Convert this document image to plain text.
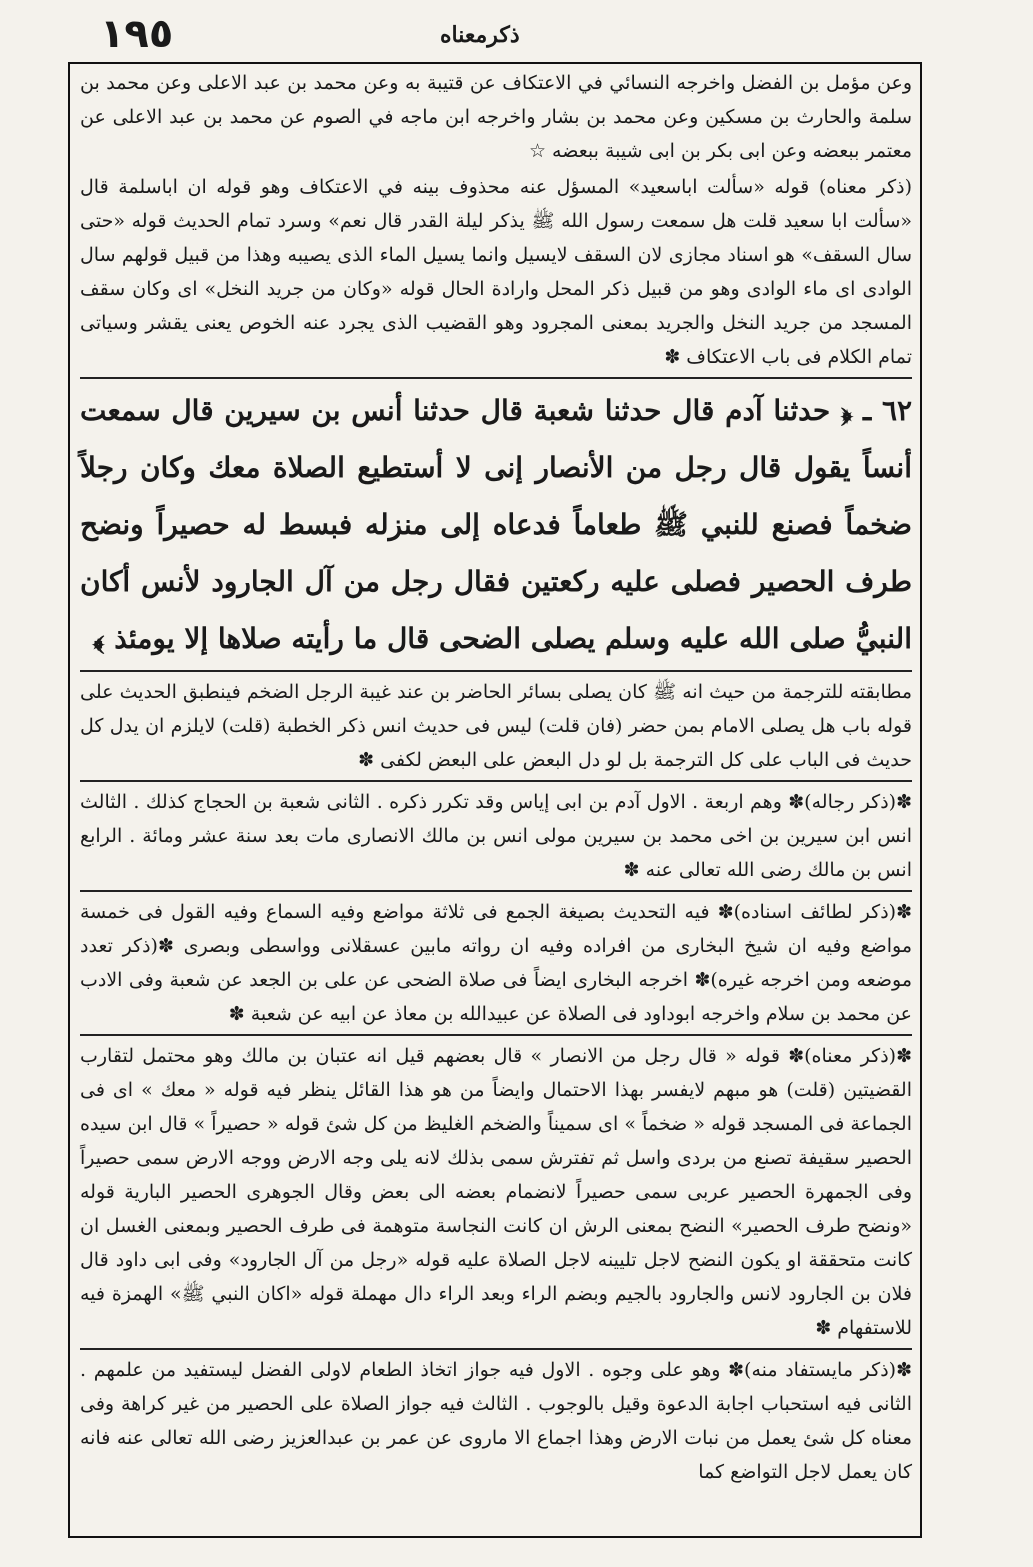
١٩٥	ذكرمعناه

وعن مؤمل بن الفضل واخرجه النسائي في الاعتكاف عن قتيبة به وعن محمد بن عبد الاعلى وعن محمد بن سلمة والحارث بن مسكين وعن محمد بن بشار واخرجه ابن ماجه في الصوم عن محمد بن عبد الاعلى عن معتمر ببعضه وعن ابى بكر بن ابى شيبة ببعضه ☆

(ذكر معناه) قوله «سألت اباسعيد» المسؤل عنه محذوف بينه في الاعتكاف وهو قوله ان اباسلمة قال «سألت ابا سعيد قلت هل سمعت رسول الله ﷺ يذكر ليلة القدر قال نعم» وسرد تمام الحديث قوله «حتى سال السقف» هو اسناد مجازى لان السقف لايسيل وانما يسيل الماء الذى يصيبه وهذا من قبيل قولهم سال الوادى اى ماء الوادى وهو من قبيل ذكر المحل وارادة الحال قوله «وكان من جريد النخل» اى وكان سقف المسجد من جريد النخل والجريد بمعنى المجرود وهو القضيب الذى يجرد عنه الخوص يعنى يقشر وسياتى تمام الكلام فى باب الاعتكاف ✽

٦٢ ـ ﴿ حدثنا آدم قال حدثنا شعبة قال حدثنا أنس بن سيرين قال سمعت أنساً يقول قال رجل من الأنصار إنى لا أستطيع الصلاة معك وكان رجلاً ضخماً فصنع للنبي ﷺ طعاماً فدعاه إلى منزله فبسط له حصيراً ونضح طرف الحصير فصلى عليه ركعتين فقال رجل من آل الجارود لأنس أكان النبيُّ صلى الله عليه وسلم يصلى الضحى قال ما رأيته صلاها إلا يومئذ ﴾

مطابقته للترجمة من حيث انه ﷺ كان يصلى بسائر الحاضر بن عند غيبة الرجل الضخم فينطبق الحديث على قوله باب هل يصلى الامام بمن حضر (فان قلت) ليس فى حديث انس ذكر الخطبة (قلت) لايلزم ان يدل كل حديث فى الباب على كل الترجمة بل لو دل البعض على البعض لكفى ✽

✽(ذكر رجاله)✽ وهم اربعة . الاول آدم بن ابى إياس وقد تكرر ذكره . الثانى شعبة بن الحجاج كذلك . الثالث انس ابن سيرين بن اخى محمد بن سيرين مولى انس بن مالك الانصارى مات بعد سنة عشر ومائة . الرابع انس بن مالك رضى الله تعالى عنه ✽

✽(ذكر لطائف اسناده)✽ فيه التحديث بصيغة الجمع فى ثلاثة مواضع وفيه السماع وفيه القول فى خمسة مواضع وفيه ان شيخ البخارى من افراده وفيه ان رواته مابين عسقلانى وواسطى وبصرى ✽(ذكر تعدد موضعه ومن اخرجه غيره)✽ اخرجه البخارى ايضاً فى صلاة الضحى عن على بن الجعد عن شعبة وفى الادب عن محمد بن سلام واخرجه ابوداود فى الصلاة عن عبيدالله بن معاذ عن ابيه عن شعبة ✽

✽(ذكر معناه)✽ قوله « قال رجل من الانصار » قال بعضهم قيل انه عتبان بن مالك وهو محتمل لتقارب القضيتين (قلت) هو مبهم لايفسر بهذا الاحتمال وايضاً من هو هذا القائل ينظر فيه قوله « معك » اى فى الجماعة فى المسجد قوله « ضخماً » اى سميناً والضخم الغليظ من كل شئ قوله « حصيراً » قال ابن سيده الحصير سقيفة تصنع من بردى واسل ثم تفترش سمى بذلك لانه يلى وجه الارض ووجه الارض سمى حصيراً وفى الجمهرة الحصير عربى سمى حصيراً لانضمام بعضه الى بعض وقال الجوهرى الحصير البارية قوله «ونضح طرف الحصير» النضح بمعنى الرش ان كانت النجاسة متوهمة فى طرف الحصير وبمعنى الغسل ان كانت متحققة او يكون النضح لاجل تليينه لاجل الصلاة عليه قوله «رجل من آل الجارود» وفى ابى داود قال فلان بن الجارود لانس والجارود بالجيم وبضم الراء وبعد الراء دال مهملة قوله «اكان النبي ﷺ» الهمزة فيه للاستفهام ✽

✽(ذكر مايستفاد منه)✽ وهو على وجوه . الاول فيه جواز اتخاذ الطعام لاولى الفضل ليستفيد من علمهم . الثانى فيه استحباب اجابة الدعوة وقيل بالوجوب . الثالث فيه جواز الصلاة على الحصير من غير كراهة وفى معناه كل شئ يعمل من نبات الارض وهذا اجماع الا ماروى عن عمر بن عبدالعزيز رضى الله تعالى عنه فانه كان يعمل لاجل التواضع كما
